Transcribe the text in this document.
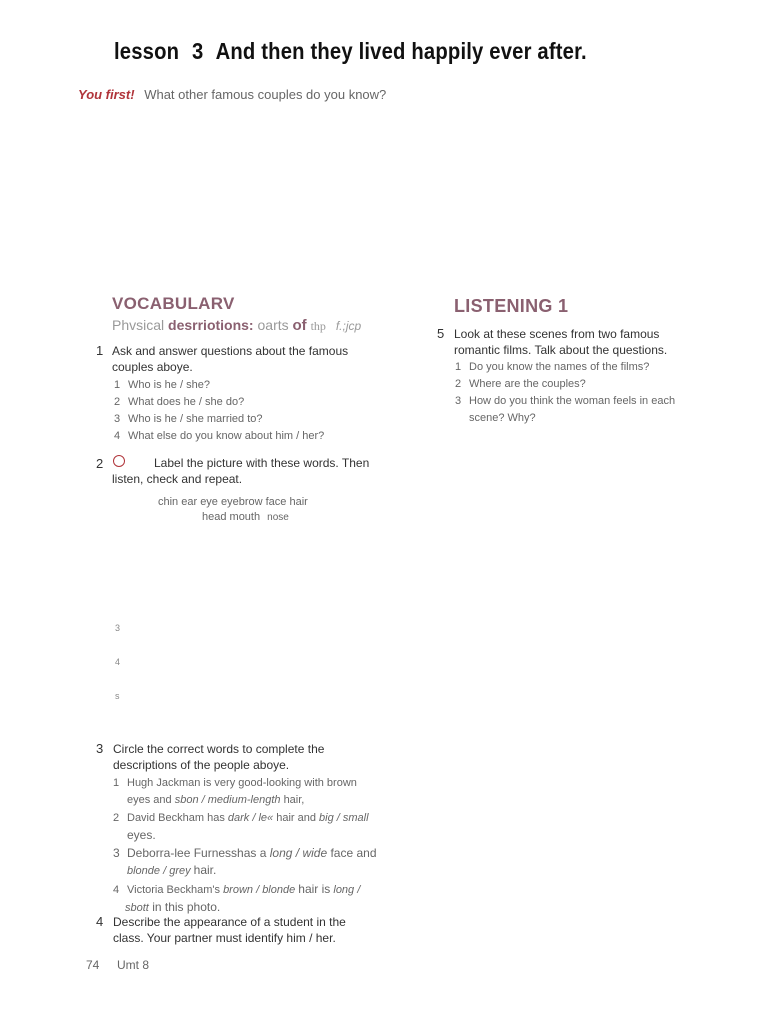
lesson 3 And then they lived happily ever after.
You first! What other famous couples do you know?
VOCABULARV
Phvsical desrriotions: oarts of thp f.;jcp
1 Ask and answer questions about the famous couples aboye.
1 Who is he / she?
2 What does he / she do?
3 Who is he / she married to?
4 What else do you know about him / her?
2	Label the picture with these words. Then listen, check and repeat.
chin ear eye eyebrow face hair
head mouth nose
3
4
s
3 Circle the correct words to complete the descriptions of the people aboye.
1 Hugh Jackman is very good-looking with brown
eyes and sbon / medium-length hair,
2 David Beckham has dark / le« hair and big / small
eyes.
3 Deborra-lee Furnesshas a long / wide face and
blonde / grey hair.
4 Victoria Beckham's brown / blonde hair is long /
sbott in this photo.
4 Describe the appearance of a student in the class. Your partner must identify him / her.
LISTENING 1
5 Look at these scenes from two famous romantic films. Talk about the questions.
1 Do you know the names of the films?
2 Where are the couples?
3 How do you think the woman feels in each
scene? Why?
74 Umt 8
